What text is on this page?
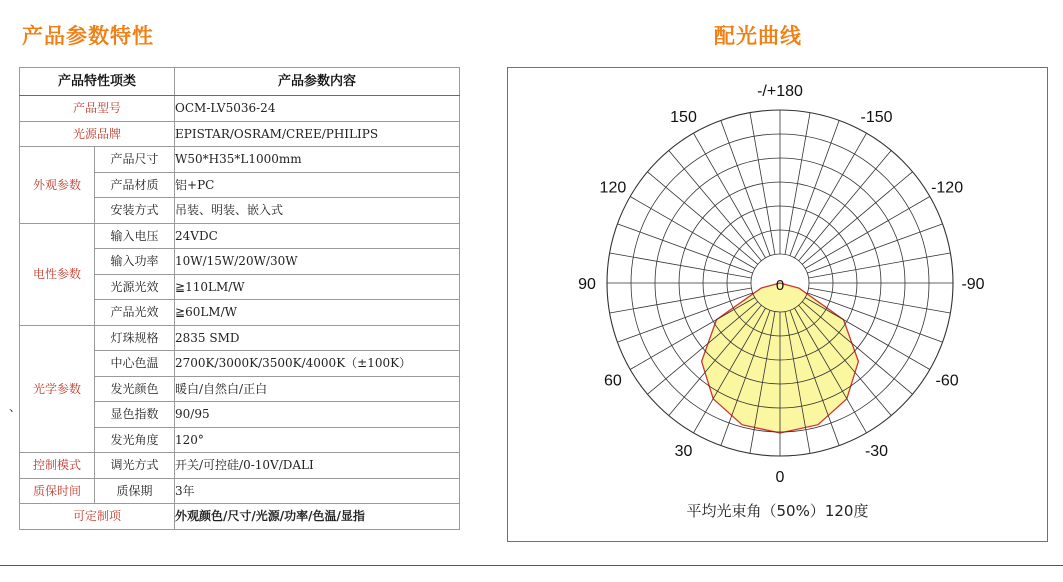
产品参数特性	配光曲线
产品特性项类		产品参数内容
产品型号		OCM-LV5036-24
光源品牌		EPISTAR/OSRAM/CREE/PHILIPS
外观参数	产品尺寸	W50*H35*L1000mm
	产品材质	铝+PC
	安装方式	吊装、明装、嵌入式
电性参数	输入电压	24VDC
	输入功率	10W/15W/20W/30W
	光源光效	≧110LM/W
	产品光效	≧60LM/W
光学参数	灯珠规格	2835 SMD
	中心色温	2700K/3000K/3500K/4000K（±100K）
	发光颜色	暖白/自然白/正白
	显色指数	90/95
	发光角度	120°
控制模式	调光方式	开关/可控硅/0-10V/DALI
质保时间	质保期	3年
可定制项		外观颜色/尺寸/光源/功率/色温/显指
、
-/+180
-150
150
-120
120
-90
90
-60
60
-30
30
0
0
平均光束角（50%）120度
